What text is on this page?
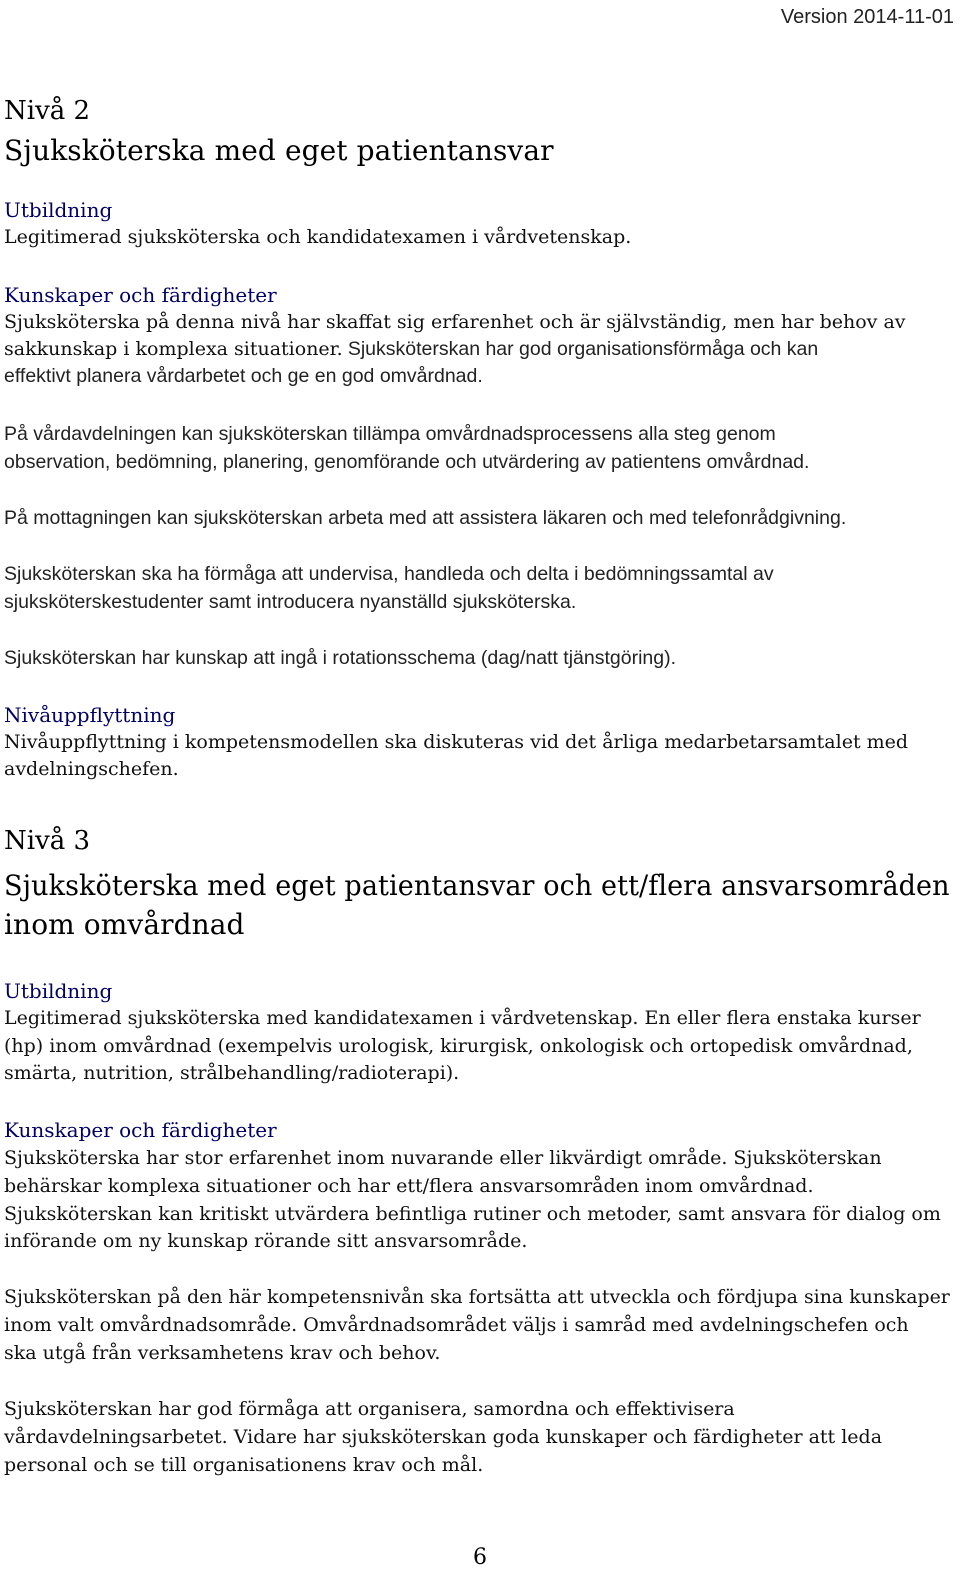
Version 2014-11-01
Nivå 2
Sjuksköterska med eget patientansvar
Utbildning
Legitimerad sjuksköterska och kandidatexamen i vårdvetenskap.
Kunskaper och färdigheter
Sjuksköterska på denna nivå har skaffat sig erfarenhet och är självständig, men har behov av
sakkunskap i komplexa situationer. Sjuksköterskan har god organisationsförmåga och kan
effektivt planera vårdarbetet och ge en god omvårdnad.
På vårdavdelningen kan sjuksköterskan tillämpa omvårdnadsprocessens alla steg genom
observation, bedömning, planering, genomförande och utvärdering av patientens omvårdnad.
På mottagningen kan sjuksköterskan arbeta med att assistera läkaren och med telefonrådgivning.
Sjuksköterskan ska ha förmåga att undervisa, handleda och delta i bedömningssamtal av
sjuksköterskestudenter samt introducera nyanställd sjuksköterska.
Sjuksköterskan har kunskap att ingå i rotationsschema (dag/natt tjänstgöring).
Nivåuppflyttning
Nivåuppflyttning i kompetensmodellen ska diskuteras vid det årliga medarbetarsamtalet med
avdelningschefen.
Nivå 3
Sjuksköterska med eget patientansvar och ett/flera ansvarsområden
inom omvårdnad
Utbildning
Legitimerad sjuksköterska med kandidatexamen i vårdvetenskap. En eller flera enstaka kurser
(hp) inom omvårdnad (exempelvis urologisk, kirurgisk, onkologisk och ortopedisk omvårdnad,
smärta, nutrition, strålbehandling/radioterapi).
Kunskaper och färdigheter
Sjuksköterska har stor erfarenhet inom nuvarande eller likvärdigt område. Sjuksköterskan
behärskar komplexa situationer och har ett/flera ansvarsområden inom omvårdnad.
Sjuksköterskan kan kritiskt utvärdera befintliga rutiner och metoder, samt ansvara för dialog om
införande om ny kunskap rörande sitt ansvarsområde.
Sjuksköterskan på den här kompetensnivån ska fortsätta att utveckla och fördjupa sina kunskaper
inom valt omvårdnadsområde. Omvårdnadsområdet väljs i samråd med avdelningschefen och
ska utgå från verksamhetens krav och behov.
Sjuksköterskan har god förmåga att organisera, samordna och effektivisera
vårdavdelningsarbetet. Vidare har sjuksköterskan goda kunskaper och färdigheter att leda
personal och se till organisationens krav och mål.
6
